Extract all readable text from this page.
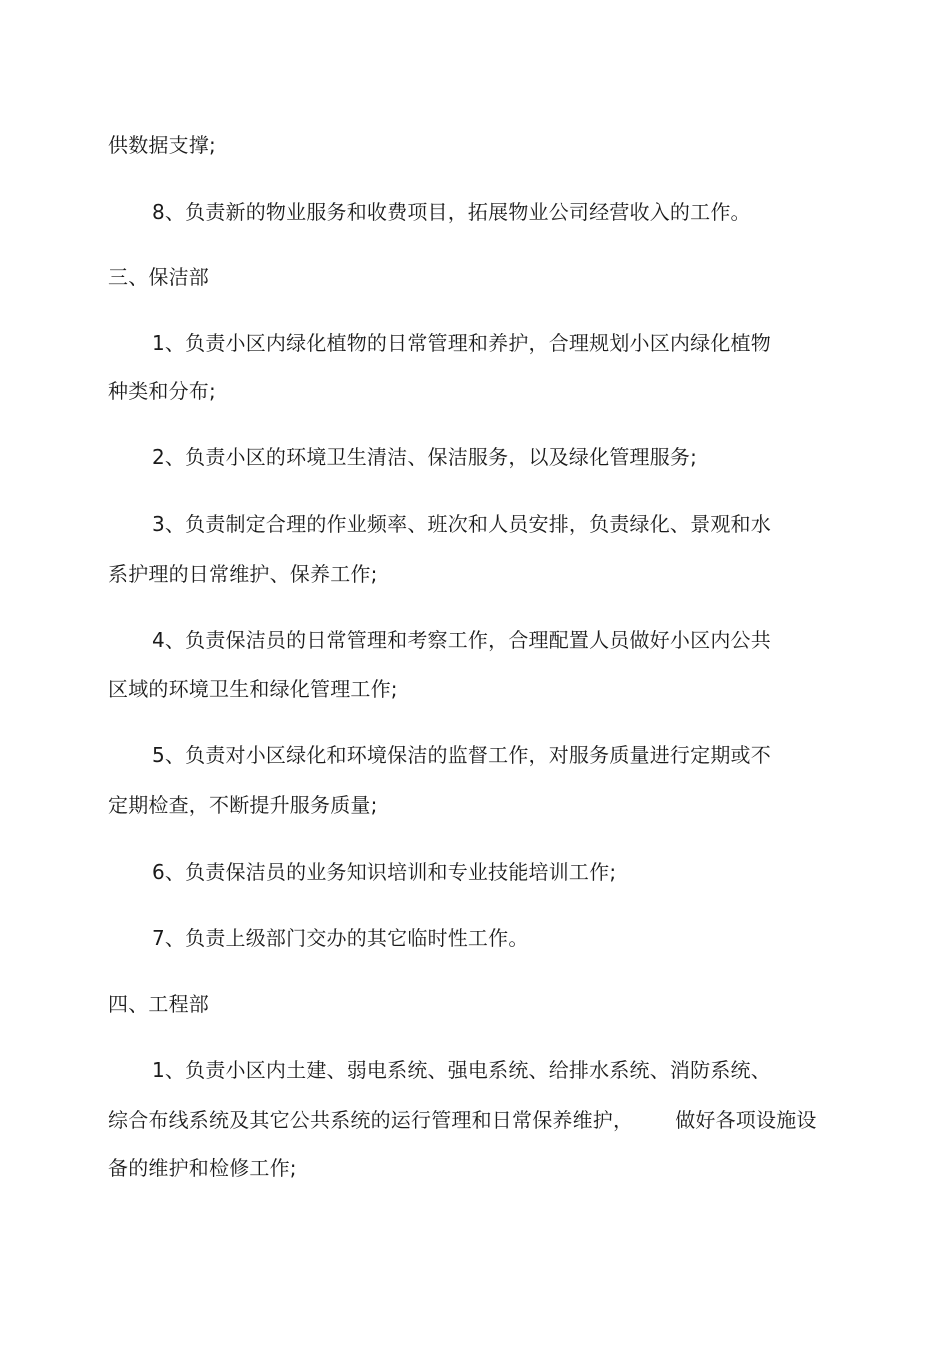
供数据支撑;
8、负责新的物业服务和收费项目，拓展物业公司经营收入的工作。
三、保洁部
1、负责小区内绿化植物的日常管理和养护，合理规划小区内绿化植物
种类和分布;
2、负责小区的环境卫生清洁、保洁服务，以及绿化管理服务;
3、负责制定合理的作业频率、班次和人员安排，负责绿化、景观和水
系护理的日常维护、保养工作;
4、负责保洁员的日常管理和考察工作，合理配置人员做好小区内公共
区域的环境卫生和绿化管理工作;
5、负责对小区绿化和环境保洁的监督工作，对服务质量进行定期或不
定期检查，不断提升服务质量;
6、负责保洁员的业务知识培训和专业技能培训工作;
7、负责上级部门交办的其它临时性工作。
四、工程部
1、负责小区内土建、弱电系统、强电系统、给排水系统、消防系统、
综合布线系统及其它公共系统的运行管理和日常保养维护， 做好各项设施设
备的维护和检修工作;
